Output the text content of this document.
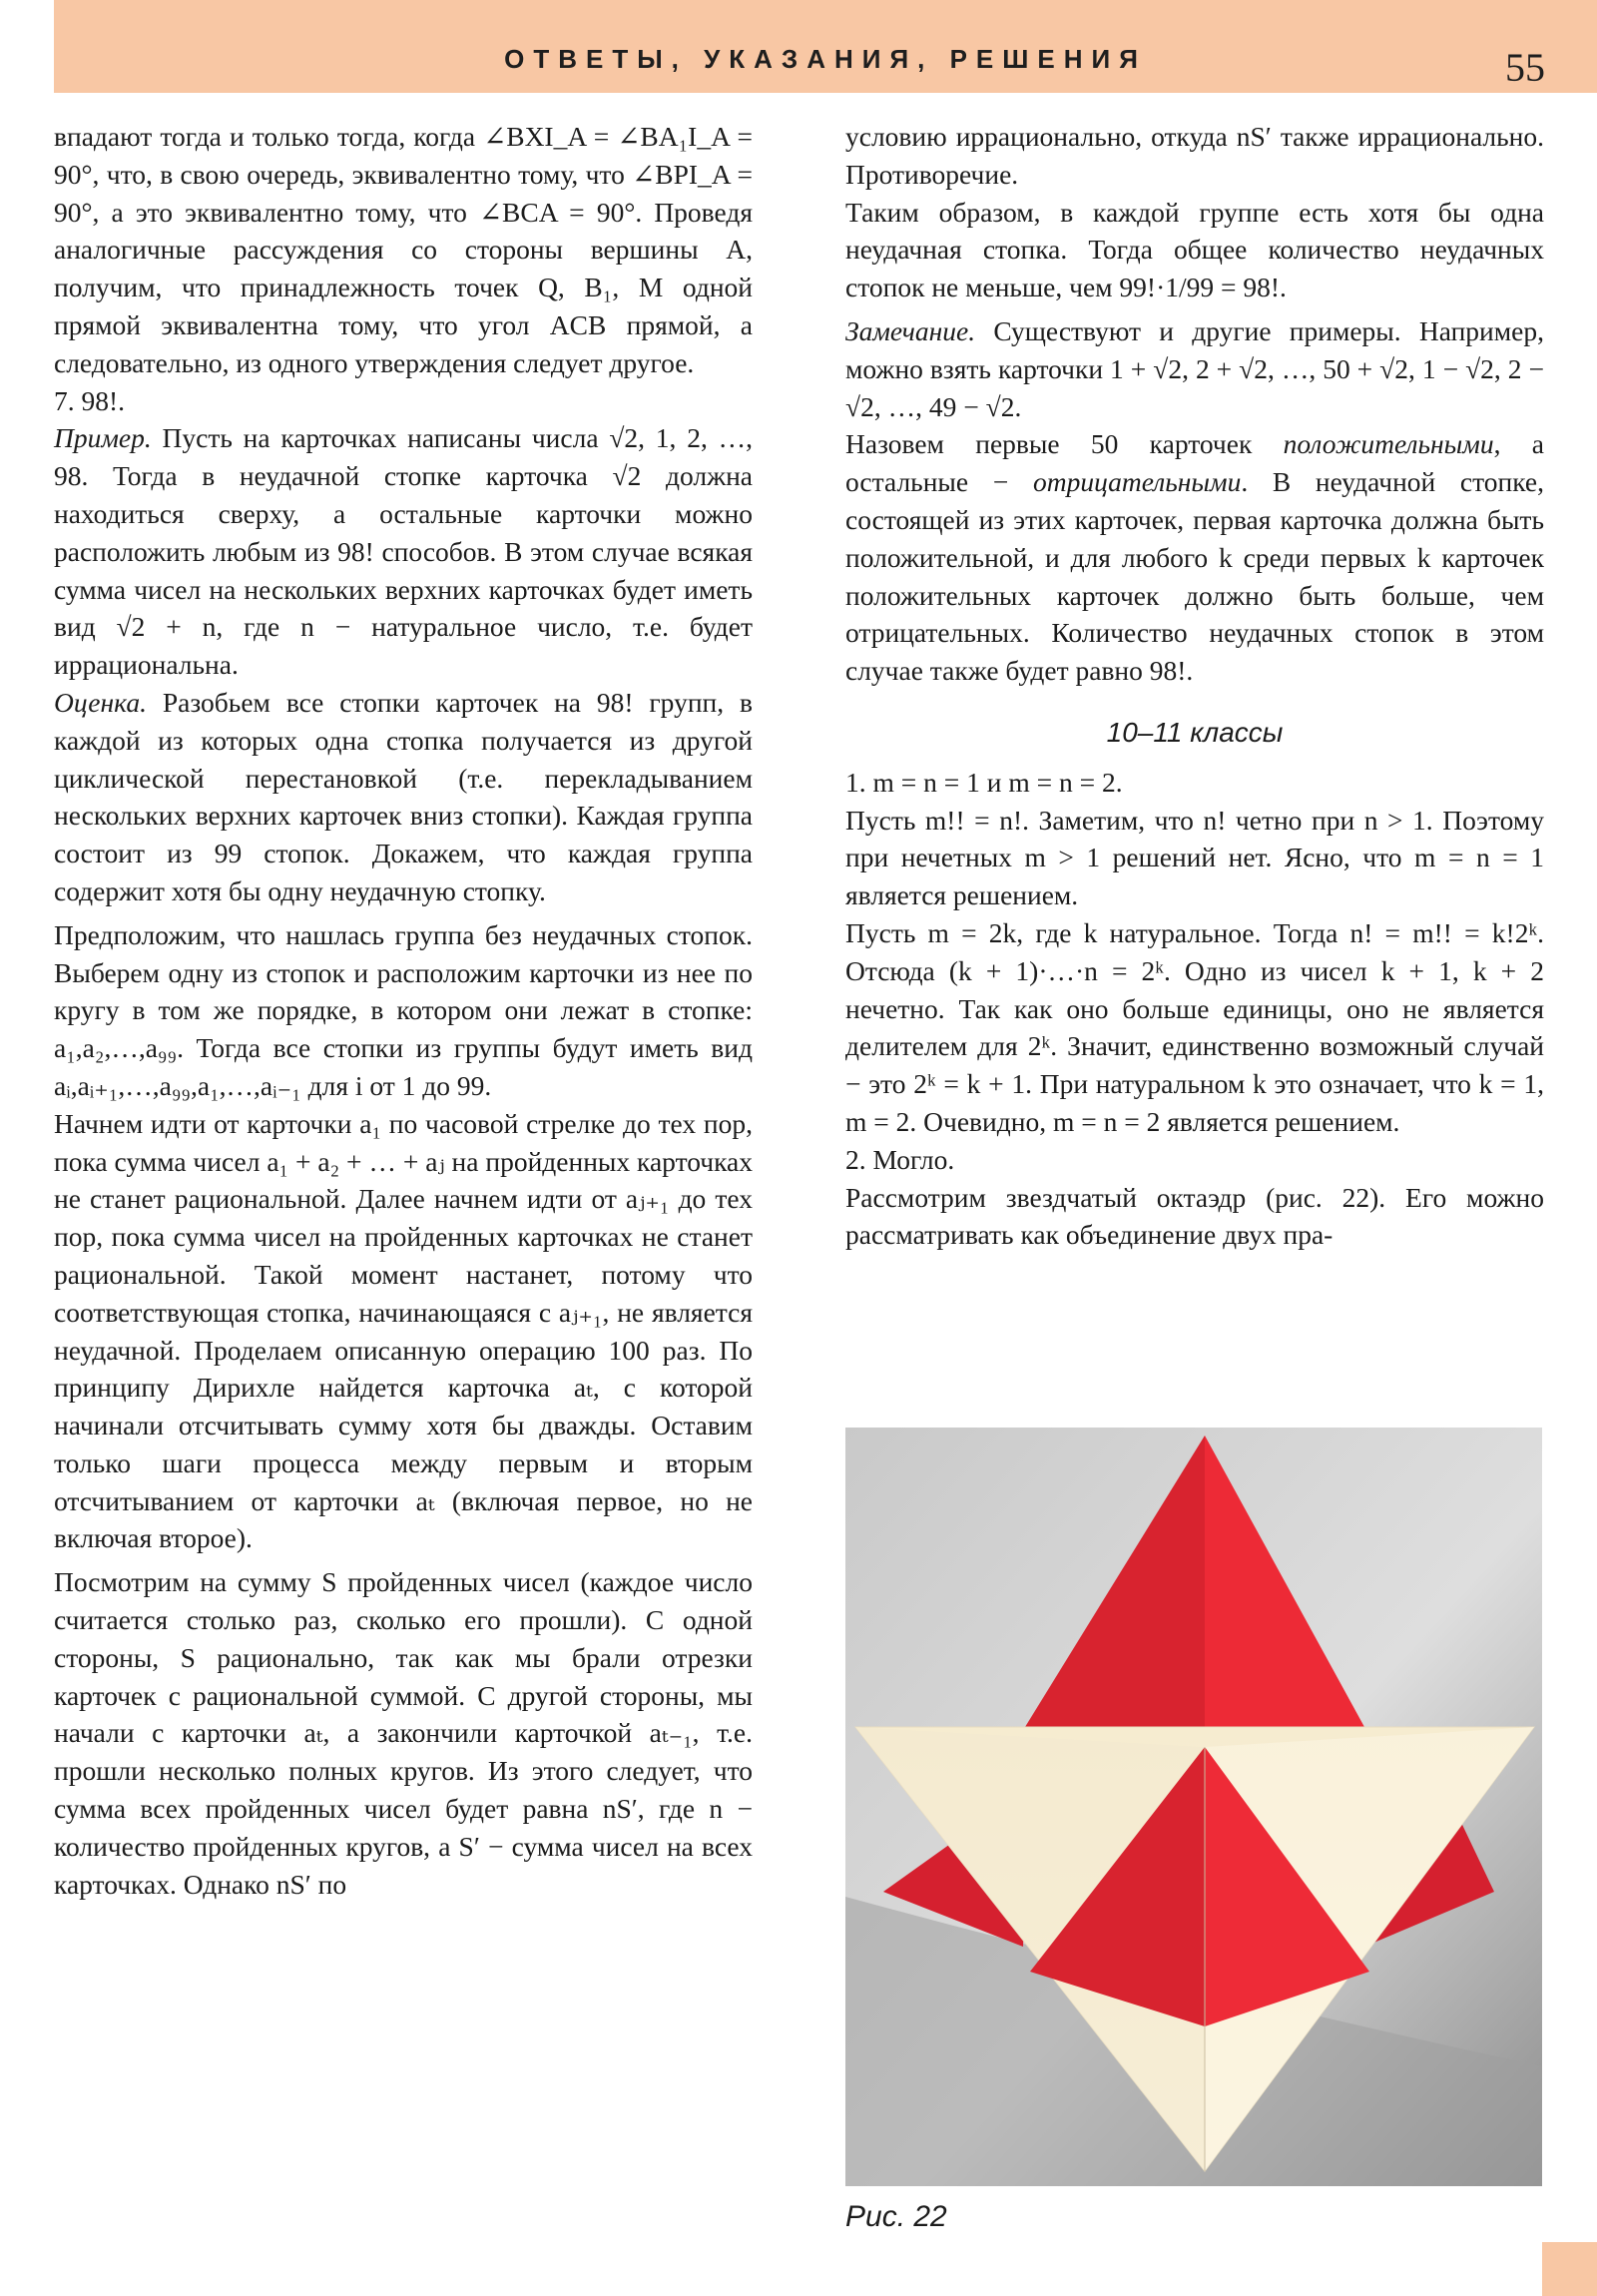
ОТВЕТЫ, УКАЗАНИЯ, РЕШЕНИЯ	55

впадают тогда и только тогда, когда ∠BXI_A = ∠BA₁I_A = 90°, что, в свою очередь, эквивалентно тому, что ∠BPI_A = 90°, а это эквивалентно тому, что ∠BCA = 90°. Проведя аналогичные рассуждения со стороны вершины A, получим, что принадлежность точек Q, B₁, M одной прямой эквивалентна тому, что угол ACB прямой, а следовательно, из одного утверждения следует другое.

7. 98!.

Пример. Пусть на карточках написаны числа √2, 1, 2, …, 98. Тогда в неудачной стопке карточка √2 должна находиться сверху, а остальные карточки можно расположить любым из 98! способов. В этом случае всякая сумма чисел на нескольких верхних карточках будет иметь вид √2 + n, где n − натуральное число, т.е. будет иррациональна.

Оценка. Разобьем все стопки карточек на 98! групп, в каждой из которых одна стопка получается из другой циклической перестановкой (т.е. перекладыванием нескольких верхних карточек вниз стопки). Каждая группа состоит из 99 стопок. Докажем, что каждая группа содержит хотя бы одну неудачную стопку.

Предположим, что нашлась группа без неудачных стопок. Выберем одну из стопок и расположим карточки из нее по кругу в том же порядке, в котором они лежат в стопке: a₁,a₂,…,a₉₉. Тогда все стопки из группы будут иметь вид aᵢ,aᵢ₊₁,…,a₉₉,a₁,…,aᵢ₋₁ для i от 1 до 99.

Начнем идти от карточки a₁ по часовой стрелке до тех пор, пока сумма чисел a₁ + a₂ + … + aⱼ на пройденных карточках не станет рациональной. Далее начнем идти от aⱼ₊₁ до тех пор, пока сумма чисел на пройденных карточках не станет рациональной. Такой момент настанет, потому что соответствующая стопка, начинающаяся с aⱼ₊₁, не является неудачной. Проделаем описанную операцию 100 раз. По принципу Дирихле найдется карточка aₜ, с которой начинали отсчитывать сумму хотя бы дважды. Оставим только шаги процесса между первым и вторым отсчитыванием от карточки aₜ (включая первое, но не включая второе).

Посмотрим на сумму S пройденных чисел (каждое число считается столько раз, сколько его прошли). С одной стороны, S рационально, так как мы брали отрезки карточек с рациональной суммой. С другой стороны, мы начали с карточки aₜ, а закончили карточкой aₜ₋₁, т.е. прошли несколько полных кругов. Из этого следует, что сумма всех пройденных чисел будет равна nS′, где n − количество пройденных кругов, а S′ − сумма чисел на всех карточках. Однако nS′ по

условию иррационально, откуда nS′ также иррационально. Противоречие.

Таким образом, в каждой группе есть хотя бы одна неудачная стопка. Тогда общее количество неудачных стопок не меньше, чем 99!·1/99 = 98!.

Замечание. Существуют и другие примеры. Например, можно взять карточки 1 + √2, 2 + √2, …, 50 + √2, 1 − √2, 2 − √2, …, 49 − √2.

Назовем первые 50 карточек положительными, а остальные − отрицательными. В неудачной стопке, состоящей из этих карточек, первая карточка должна быть положительной, и для любого k среди первых k карточек положительных карточек должно быть больше, чем отрицательных. Количество неудачных стопок в этом случае также будет равно 98!.

10–11 классы

1. m = n = 1 и m = n = 2.

Пусть m!! = n!. Заметим, что n! четно при n > 1. Поэтому при нечетных m > 1 решений нет. Ясно, что m = n = 1 является решением.

Пусть m = 2k, где k натуральное. Тогда n! = m!! = k!2ᵏ. Отсюда (k + 1)·…·n = 2ᵏ. Одно из чисел k + 1, k + 2 нечетно. Так как оно больше единицы, оно не является делителем для 2ᵏ. Значит, единственно возможный случай − это 2ᵏ = k + 1. При натуральном k это означает, что k = 1, m = 2. Очевидно, m = n = 2 является решением.

2. Могло.

Рассмотрим звездчатый октаэдр (рис. 22). Его можно рассматривать как объединение двух пра-

Рис. 22
